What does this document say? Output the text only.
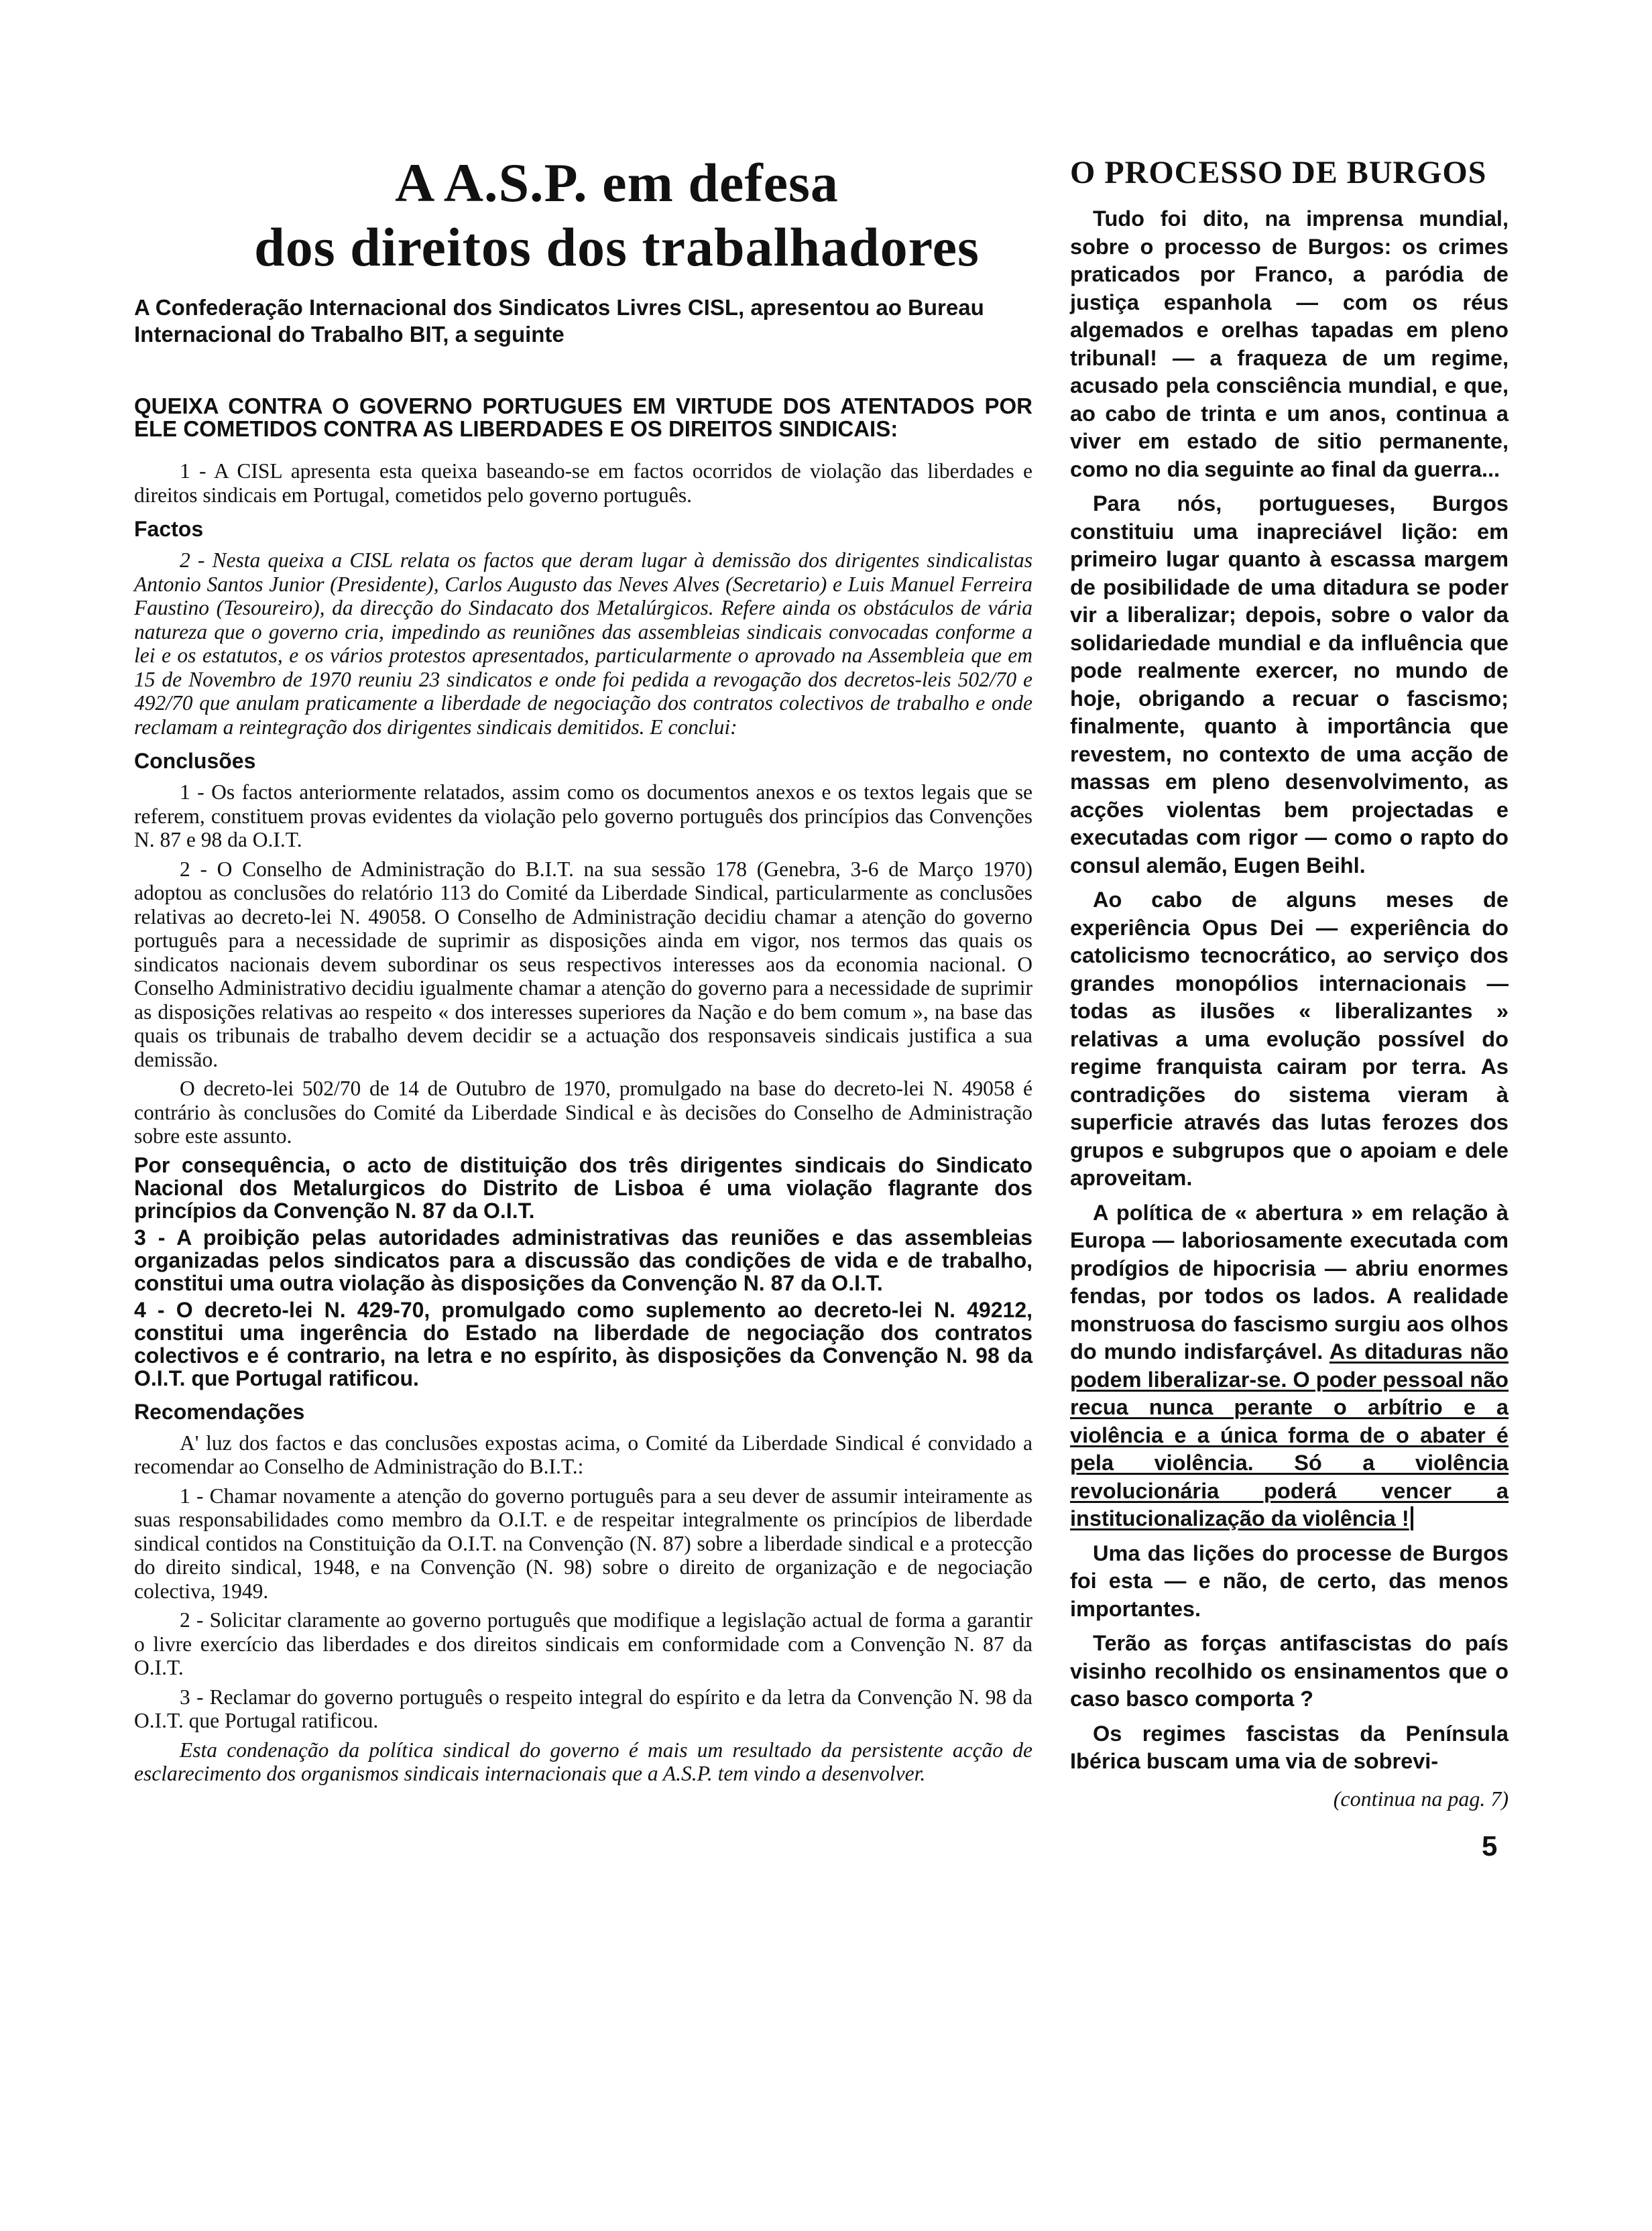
A A.S.P. em defesa
dos direitos dos trabalhadores

A Confederação Internacional dos Sindicatos Livres CISL, apresentou ao Bureau Internacional do Trabalho BIT, a seguinte

QUEIXA CONTRA O GOVERNO PORTUGUES EM VIRTUDE DOS ATENTADOS POR ELE COMETIDOS CONTRA AS LIBERDADES E OS DIREITOS SINDICAIS:

1 - A CISL apresenta esta queixa baseando-se em factos ocorridos de violação das liberdades e direitos sindicais em Portugal, cometidos pelo governo português.

Factos

2 - Nesta queixa a CISL relata os factos que deram lugar à demissão dos dirigentes sindicalistas Antonio Santos Junior (Presidente), Carlos Augusto das Neves Alves (Secretario) e Luis Manuel Ferreira Faustino (Tesoureiro), da direcção do Sindacato dos Metalúrgicos. Refere ainda os obstáculos de vária natureza que o governo cria, impedindo as reuniõnes das assembleias sindicais convocadas conforme a lei e os estatutos, e os vários protestos apresentados, particularmente o aprovado na Assembleia que em 15 de Novembro de 1970 reuniu 23 sindicatos e onde foi pedida a revogação dos decretos-leis 502/70 e 492/70 que anulam praticamente a liberdade de negociação dos contratos colectivos de trabalho e onde reclamam a reintegração dos dirigentes sindicais demitidos. E conclui:

Conclusões

1 - Os factos anteriormente relatados, assim como os documentos anexos e os textos legais que se referem, constituem provas evidentes da violação pelo governo português dos princípios das Convenções N. 87 e 98 da O.I.T.

2 - O Conselho de Administração do B.I.T. na sua sessão 178 (Genebra, 3-6 de Março 1970) adoptou as conclusões do relatório 113 do Comité da Liberdade Sindical, particularmente as conclusões relativas ao decreto-lei N. 49058. O Conselho de Administração decidiu chamar a atenção do governo português para a necessidade de suprimir as disposições ainda em vigor, nos termos das quais os sindicatos nacionais devem subordinar os seus respectivos interesses aos da economia nacional. O Conselho Administrativo decidiu igualmente chamar a atenção do governo para a necessidade de suprimir as disposições relativas ao respeito « dos interesses superiores da Nação e do bem comum », na base das quais os tribunais de trabalho devem decidir se a actuação dos responsaveis sindicais justifica a sua demissão.

O decreto-lei 502/70 de 14 de Outubro de 1970, promulgado na base do decreto-lei N. 49058 é contrário às conclusões do Comité da Liberdade Sindical e às decisões do Conselho de Administração sobre este assunto.

Por consequência, o acto de distituição dos três dirigentes sindicais do Sindicato Nacional dos Metalurgicos do Distrito de Lisboa é uma violação flagrante dos princípios da Convenção N. 87 da O.I.T.

3 - A proibição pelas autoridades administrativas das reuniões e das assembleias organizadas pelos sindicatos para a discussão das condições de vida e de trabalho, constitui uma outra violação às disposições da Convenção N. 87 da O.I.T.

4 - O decreto-lei N. 429-70, promulgado como suplemento ao decreto-lei N. 49212, constitui uma ingerência do Estado na liberdade de negociação dos contratos colectivos e é contrario, na letra e no espírito, às disposições da Convenção N. 98 da O.I.T. que Portugal ratificou.

Recomendações

A' luz dos factos e das conclusões expostas acima, o Comité da Liberdade Sindical é convidado a recomendar ao Conselho de Administração do B.I.T.:

1 - Chamar novamente a atenção do governo português para a seu dever de assumir inteiramente as suas responsabilidades como membro da O.I.T. e de respeitar integralmente os princípios de liberdade sindical contidos na Constituição da O.I.T. na Convenção (N. 87) sobre a liberdade sindical e a protecção do direito sindical, 1948, e na Convenção (N. 98) sobre o direito de organização e de negociação colectiva, 1949.

2 - Solicitar claramente ao governo português que modifique a legislação actual de forma a garantir o livre exercício das liberdades e dos direitos sindicais em conformidade com a Convenção N. 87 da O.I.T.

3 - Reclamar do governo português o respeito integral do espírito e da letra da Convenção N. 98 da O.I.T. que Portugal ratificou.

Esta condenação da política sindical do governo é mais um resultado da persistente acção de esclarecimento dos organismos sindicais internacionais que a A.S.P. tem vindo a desenvolver.

O PROCESSO DE BURGOS

Tudo foi dito, na imprensa mundial, sobre o processo de Burgos: os crimes praticados por Franco, a paródia de justiça espanhola — com os réus algemados e orelhas tapadas em pleno tribunal! — a fraqueza de um regime, acusado pela consciência mundial, e que, ao cabo de trinta e um anos, continua a viver em estado de sitio permanente, como no dia seguinte ao final da guerra...

Para nós, portugueses, Burgos constituiu uma inapreciável lição: em primeiro lugar quanto à escassa margem de posibilidade de uma ditadura se poder vir a liberalizar; depois, sobre o valor da solidariedade mundial e da influência que pode realmente exercer, no mundo de hoje, obrigando a recuar o fascismo; finalmente, quanto à importância que revestem, no contexto de uma acção de massas em pleno desenvolvimento, as acções violentas bem projectadas e executadas com rigor — como o rapto do consul alemão, Eugen Beihl.

Ao cabo de alguns meses de experiência Opus Dei — experiência do catolicismo tecnocrático, ao serviço dos grandes monopólios internacionais — todas as ilusões « liberalizantes » relativas a uma evolução possível do regime franquista cairam por terra. As contradições do sistema vieram à superficie através das lutas ferozes dos grupos e subgrupos que o apoiam e dele aproveitam.

A política de « abertura » em relação à Europa — laboriosamente executada com prodígios de hipocrisia — abriu enormes fendas, por todos os lados. A realidade monstruosa do fascismo surgiu aos olhos do mundo indisfarçável. As ditaduras não podem liberalizar-se. O poder pessoal não recua nunca perante o arbítrio e a violência e a única forma de o abater é pela violência. Só a violência revolucionária poderá vencer a institucionalização da violência !

Uma das lições do processe de Burgos foi esta — e não, de certo, das menos importantes.

Terão as forças antifascistas do país visinho recolhido os ensinamentos que o caso basco comporta ?

Os regimes fascistas da Península Ibérica buscam uma via de sobrevi-

(continua na pag. 7)
5
